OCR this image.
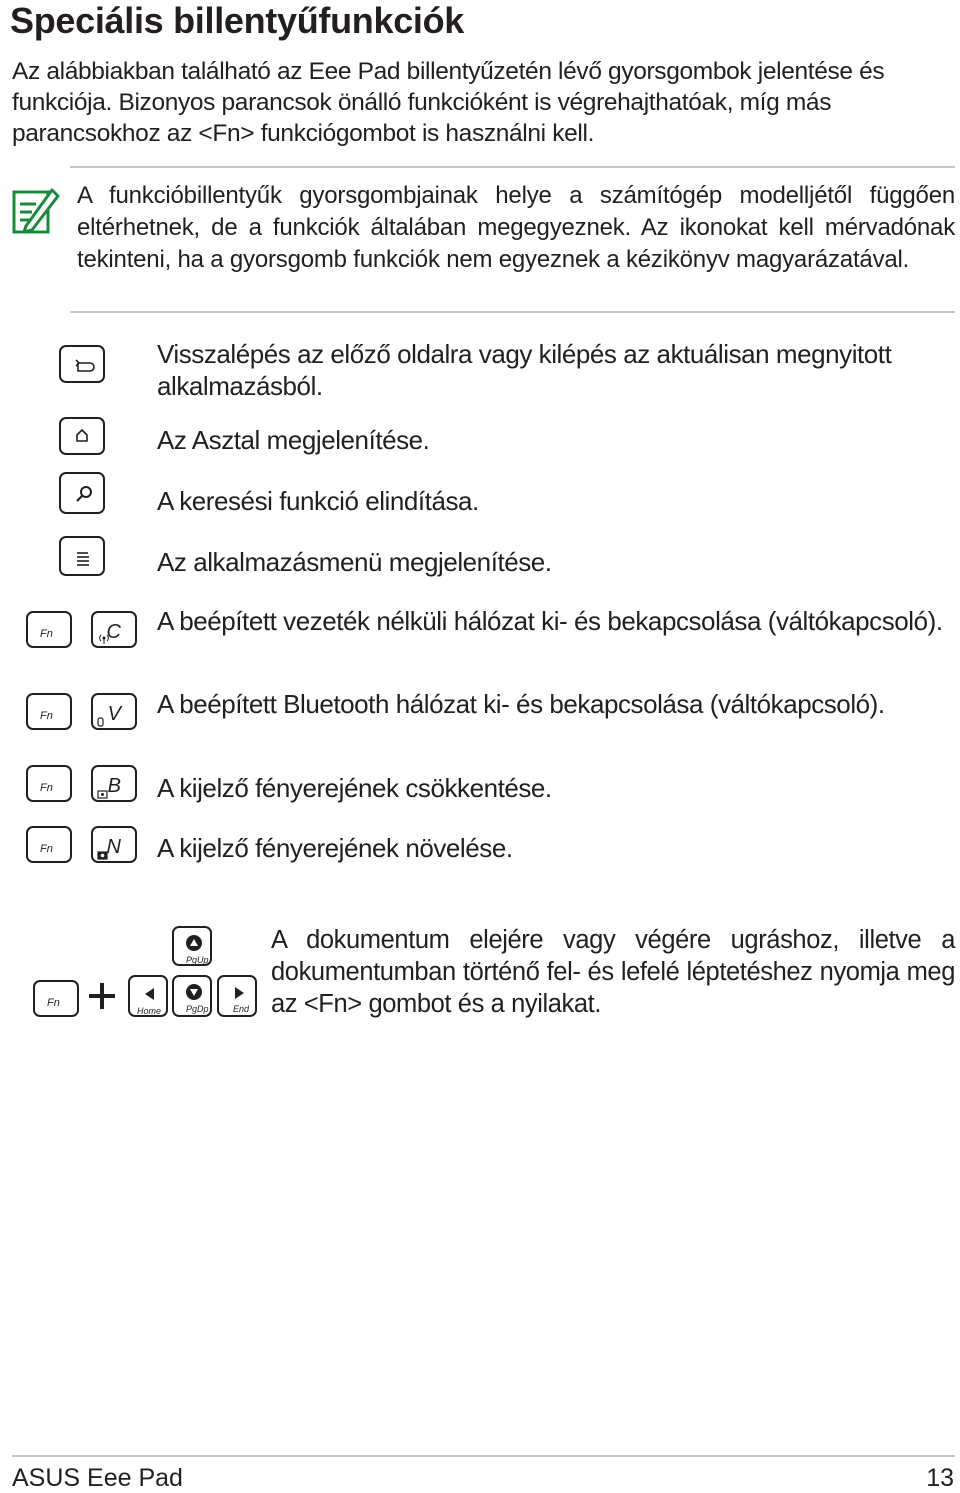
Speciális billentyűfunkciók
Az alábbiakban található az Eee Pad billentyűzetén lévő gyorsgombok jelentése és funkciója. Bizonyos parancsok önálló funkcióként is végrehajthatóak, míg más parancsokhoz az <Fn> funkciógombot is használni kell.
A funkcióbillentyűk gyorsgombjainak helye a számítógép modelljétől függően eltérhetnek, de a funkciók általában megegyeznek. Az ikonokat kell mérvadónak tekinteni, ha a gyorsgomb funkciók nem egyeznek a kézikönyv magyarázatával.
Visszalépés az előző oldalra vagy kilépés az aktuálisan megnyitott alkalmazásból.
Az Asztal megjelenítése.
A keresési funkció elindítása.
Az alkalmazásmenü megjelenítése.
Fn	C A beépített vezeték nélküli hálózat ki- és bekapcsolása (váltókapcsoló).
Fn	V A beépített Bluetooth hálózat ki- és bekapcsolása (váltókapcsoló).
Fn	B A kijelző fényerejének csökkentése.
Fn	N A kijelző fényerejének növelése.
Fn
PgUp
Home	PgDp	End
A dokumentum elejére vagy végére ugráshoz, illetve a dokumentumban történő fel- és lefelé léptetéshez nyomja meg az <Fn> gombot és a nyilakat.
ASUS Eee Pad	13
